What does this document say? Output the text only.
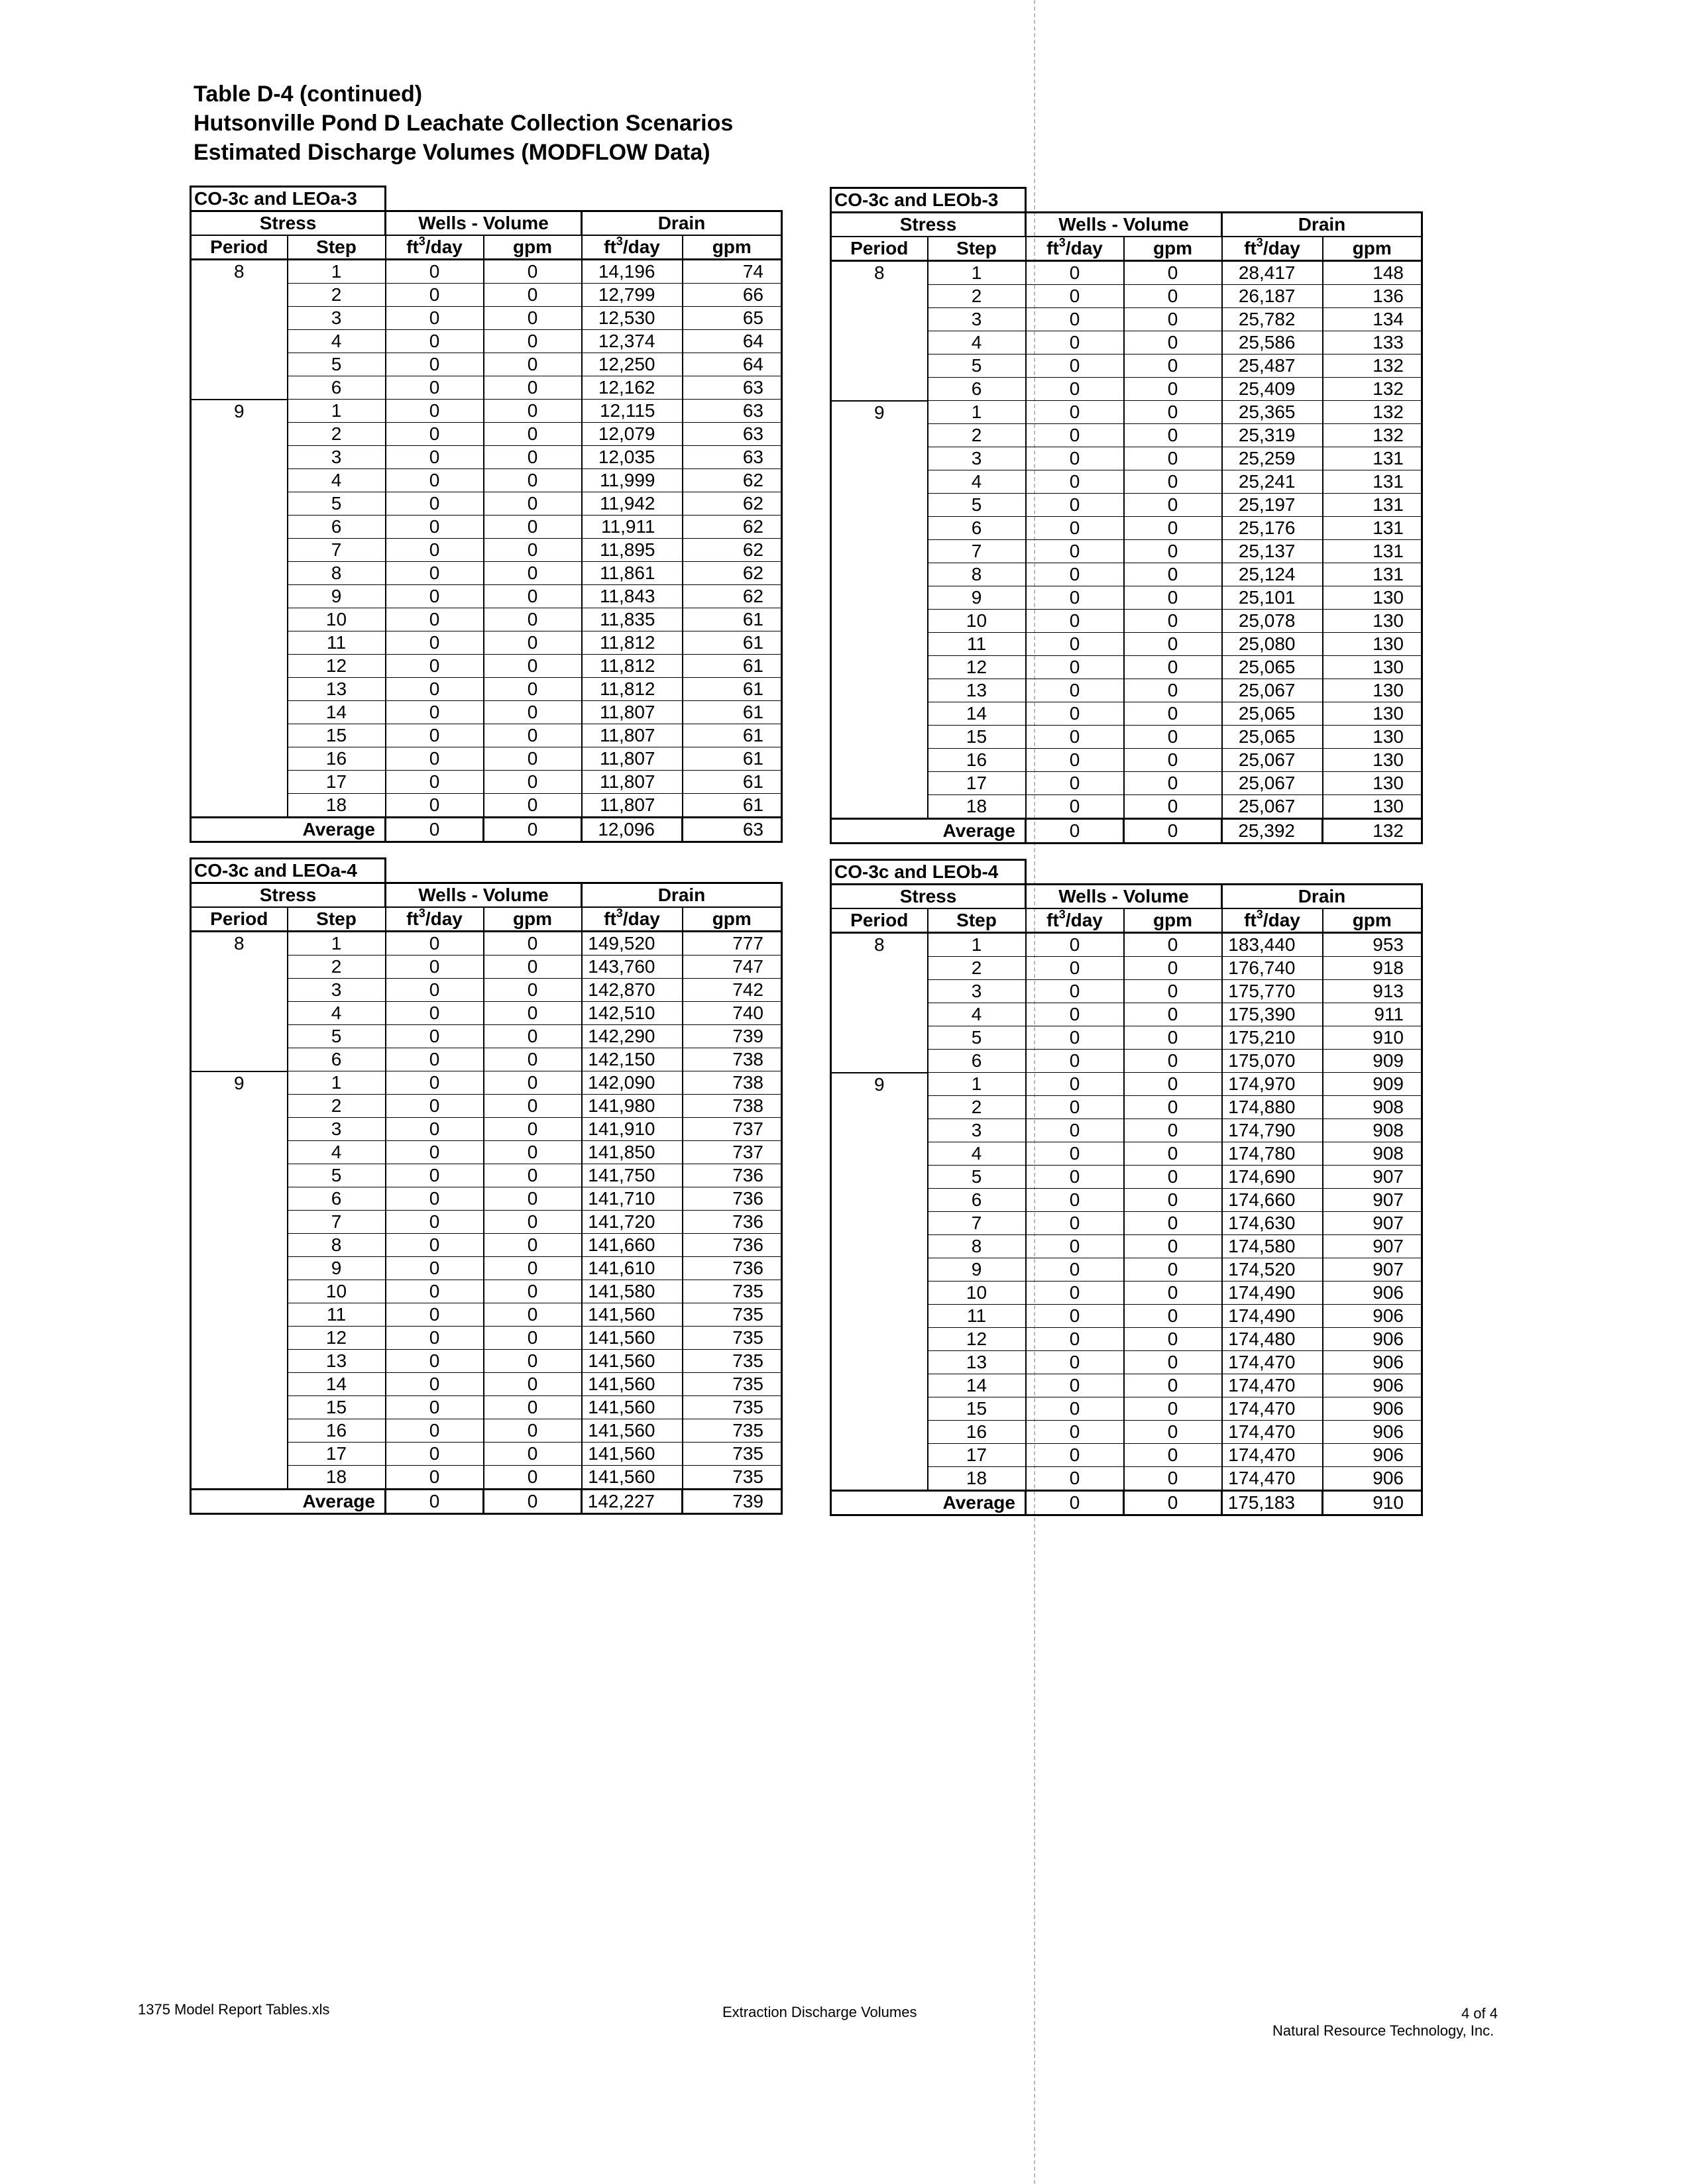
Table D-4 (continued)
Hutsonville Pond D Leachate Collection Scenarios
Estimated Discharge Volumes (MODFLOW Data)
CO-3c and LEOa-3					
Stress		Wells - Volume		Drain	
Period	Step	$ft^3$/day	gpm	$ft^3$/day	gpm
8	1	0	0	14,196	74
	2	0	0	12,799	66
	3	0	0	12,530	65
	4	0	0	12,374	64
	5	0	0	12,250	64
	6	0	0	12,162	63
9	1	0	0	12,115	63
	2	0	0	12,079	63
	3	0	0	12,035	63
	4	0	0	11,999	62
	5	0	0	11,942	62
	6	0	0	11,911	62
	7	0	0	11,895	62
	8	0	0	11,861	62
	9	0	0	11,843	62
	10	0	0	11,835	61
	11	0	0	11,812	61
	12	0	0	11,812	61
	13	0	0	11,812	61
	14	0	0	11,807	61
	15	0	0	11,807	61
	16	0	0	11,807	61
	17	0	0	11,807	61
	18	0	0	11,807	61
Average		0	0	12,096	63
CO-3c and LEOb-3					
Stress		Wells - Volume		Drain	
Period	Step	$ft^3$/day	gpm	$ft^3$/day	gpm
8	1	0	0	28,417	148
	2	0	0	26,187	136
	3	0	0	25,782	134
	4	0	0	25,586	133
	5	0	0	25,487	132
	6	0	0	25,409	132
9	1	0	0	25,365	132
	2	0	0	25,319	132
	3	0	0	25,259	131
	4	0	0	25,241	131
	5	0	0	25,197	131
	6	0	0	25,176	131
	7	0	0	25,137	131
	8	0	0	25,124	131
	9	0	0	25,101	130
	10	0	0	25,078	130
	11	0	0	25,080	130
	12	0	0	25,065	130
	13	0	0	25,067	130
	14	0	0	25,065	130
	15	0	0	25,065	130
	16	0	0	25,067	130
	17	0	0	25,067	130
	18	0	0	25,067	130
Average		0	0	25,392	132
CO-3c and LEOa-4					
Stress		Wells - Volume		Drain	
Period	Step	$ft^3$/day	gpm	$ft^3$/day	gpm
8	1	0	0	149,520	777
	2	0	0	143,760	747
	3	0	0	142,870	742
	4	0	0	142,510	740
	5	0	0	142,290	739
	6	0	0	142,150	738
9	1	0	0	142,090	738
	2	0	0	141,980	738
	3	0	0	141,910	737
	4	0	0	141,850	737
	5	0	0	141,750	736
	6	0	0	141,710	736
	7	0	0	141,720	736
	8	0	0	141,660	736
	9	0	0	141,610	736
	10	0	0	141,580	735
	11	0	0	141,560	735
	12	0	0	141,560	735
	13	0	0	141,560	735
	14	0	0	141,560	735
	15	0	0	141,560	735
	16	0	0	141,560	735
	17	0	0	141,560	735
	18	0	0	141,560	735
Average		0	0	142,227	739
CO-3c and LEOb-4					
Stress		Wells - Volume		Drain	
Period	Step	$ft^3$/day	gpm	$ft^3$/day	gpm
8	1	0	0	183,440	953
	2	0	0	176,740	918
	3	0	0	175,770	913
	4	0	0	175,390	911
	5	0	0	175,210	910
	6	0	0	175,070	909
9	1	0	0	174,970	909
	2	0	0	174,880	908
	3	0	0	174,790	908
	4	0	0	174,780	908
	5	0	0	174,690	907
	6	0	0	174,660	907
	7	0	0	174,630	907
	8	0	0	174,580	907
	9	0	0	174,520	907
	10	0	0	174,490	906
	11	0	0	174,490	906
	12	0	0	174,480	906
	13	0	0	174,470	906
	14	0	0	174,470	906
	15	0	0	174,470	906
	16	0	0	174,470	906
	17	0	0	174,470	906
	18	0	0	174,470	906
Average		0	0	175,183	910
1375 Model Report Tables.xls	Extraction Discharge Volumes	4 of 4
Natural Resource Technology, Inc.
